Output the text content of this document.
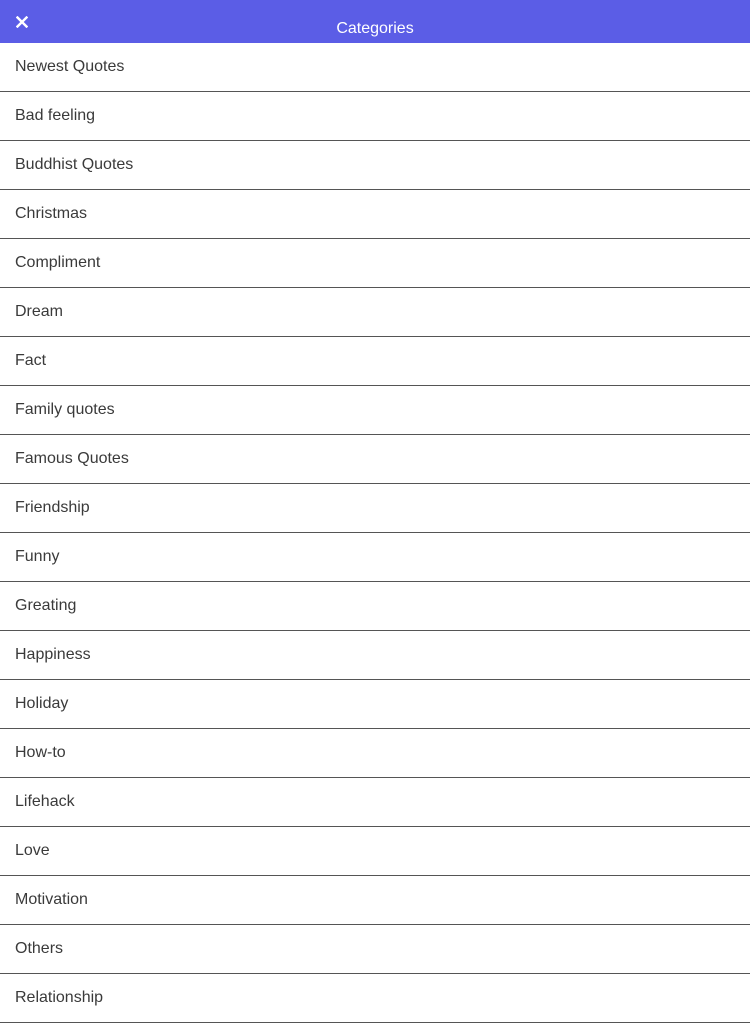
Categories
Newest Quotes
Bad feeling
Buddhist Quotes
Christmas
Compliment
Dream
Fact
Family quotes
Famous Quotes
Friendship
Funny
Greating
Happiness
Holiday
How-to
Lifehack
Love
Motivation
Others
Relationship
